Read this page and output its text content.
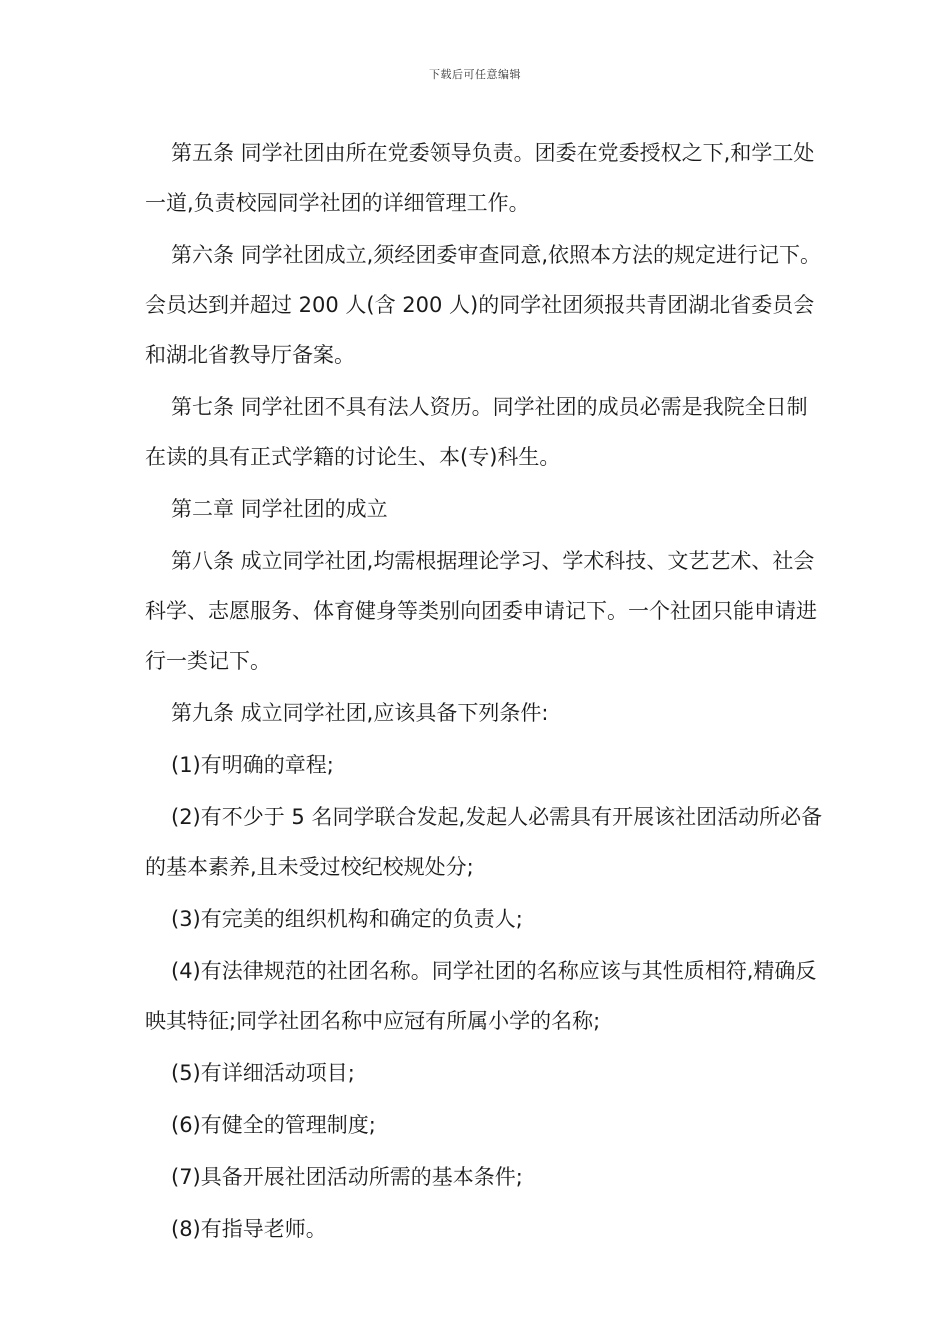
下载后可任意编辑

第五条 同学社团由所在党委领导负责。团委在党委授权之下,和学工处一道,负责校园同学社团的详细管理工作。

第六条 同学社团成立,须经团委审查同意,依照本方法的规定进行记下。会员达到并超过 200 人(含 200 人)的同学社团须报共青团湖北省委员会和湖北省教导厅备案。

第七条 同学社团不具有法人资历。同学社团的成员必需是我院全日制在读的具有正式学籍的讨论生、本(专)科生。

第二章 同学社团的成立

第八条 成立同学社团,均需根据理论学习、学术科技、文艺艺术、社会科学、志愿服务、体育健身等类别向团委申请记下。一个社团只能申请进行一类记下。

第九条 成立同学社团,应该具备下列条件:

(1)有明确的章程;

(2)有不少于 5 名同学联合发起,发起人必需具有开展该社团活动所必备的基本素养,且未受过校纪校规处分;

(3)有完美的组织机构和确定的负责人;

(4)有法律规范的社团名称。同学社团的名称应该与其性质相符,精确反映其特征;同学社团名称中应冠有所属小学的名称;

(5)有详细活动项目;

(6)有健全的管理制度;

(7)具备开展社团活动所需的基本条件;

(8)有指导老师。
